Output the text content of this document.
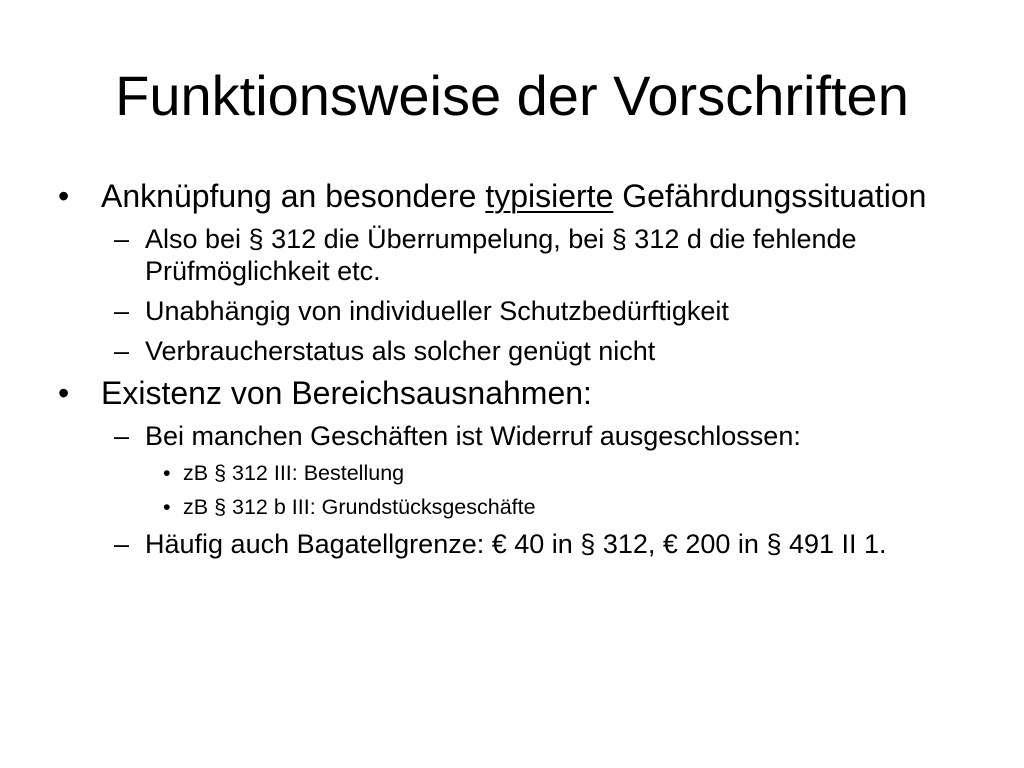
Funktionsweise der Vorschriften
• Anknüpfung an besondere typisierte Gefährdungssituation
– Also bei § 312 die Überrumpelung, bei § 312 d die fehlende Prüfmöglichkeit etc.
– Unabhängig von individueller Schutzbedürftigkeit
– Verbraucherstatus als solcher genügt nicht
• Existenz von Bereichsausnahmen:
– Bei manchen Geschäften ist Widerruf ausgeschlossen:
• zB § 312 III: Bestellung
• zB § 312 b III: Grundstücksgeschäfte
– Häufig auch Bagatellgrenze: € 40 in § 312, € 200 in § 491 II 1.
